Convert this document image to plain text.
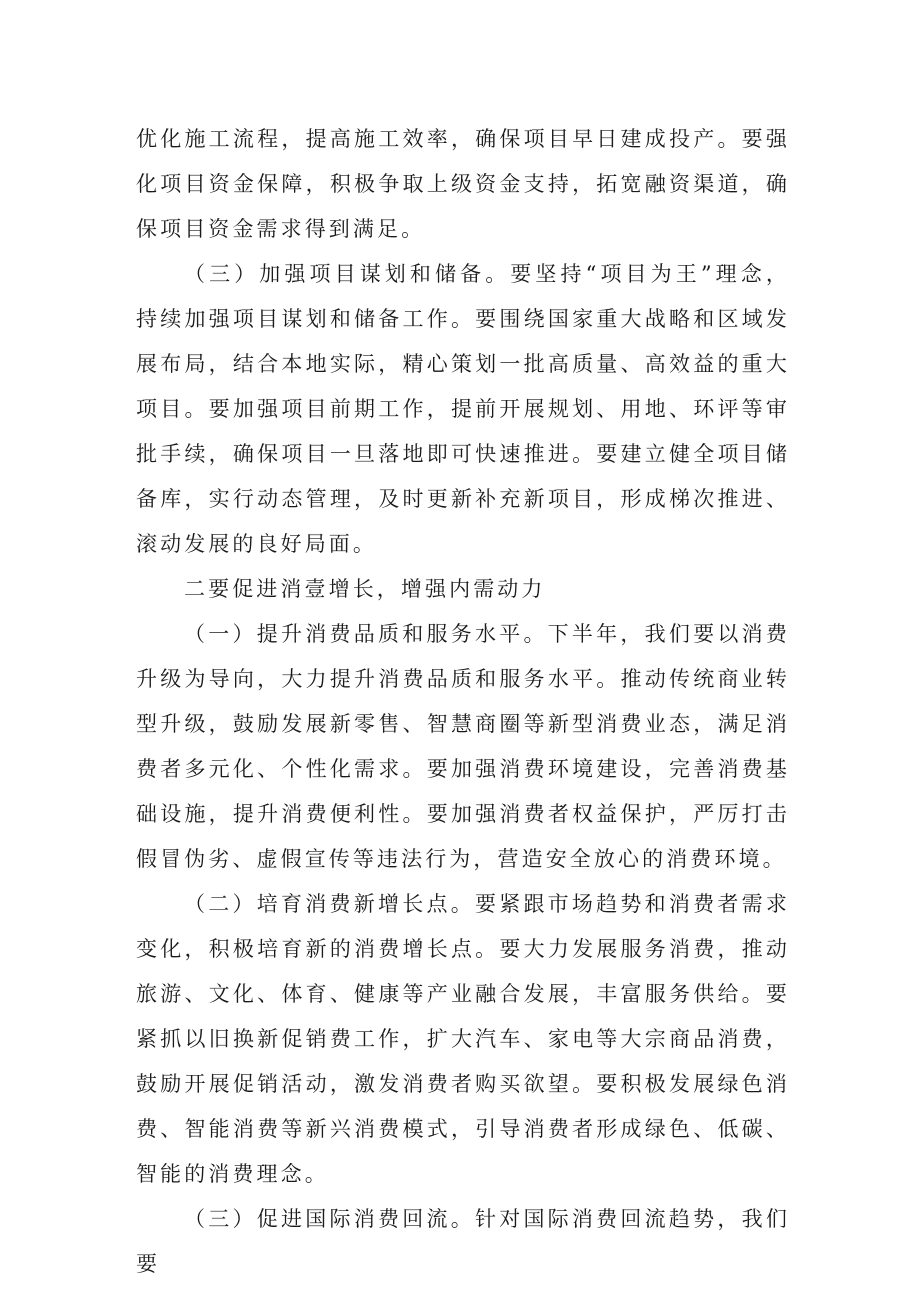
优化施工流程，提高施工效率，确保项目早日建成投产。要强化项目资金保障，积极争取上级资金支持，拓宽融资渠道，确保项目资金需求得到满足。

（三）加强项目谋划和储备。要坚持“项目为王”理念，持续加强项目谋划和储备工作。要围绕国家重大战略和区域发展布局，结合本地实际，精心策划一批高质量、高效益的重大项目。要加强项目前期工作，提前开展规划、用地、环评等审批手续，确保项目一旦落地即可快速推进。要建立健全项目储备库，实行动态管理，及时更新补充新项目，形成梯次推进、滚动发展的良好局面。

二要促进消壹增长，增强内需动力

（一）提升消费品质和服务水平。下半年，我们要以消费升级为导向，大力提升消费品质和服务水平。推动传统商业转型升级，鼓励发展新零售、智慧商圈等新型消费业态，满足消费者多元化、个性化需求。要加强消费环境建设，完善消费基础设施，提升消费便利性。要加强消费者权益保护，严厉打击假冒伪劣、虚假宣传等违法行为，营造安全放心的消费环境。

（二）培育消费新增长点。要紧跟市场趋势和消费者需求变化，积极培育新的消费增长点。要大力发展服务消费，推动旅游、文化、体育、健康等产业融合发展，丰富服务供给。要紧抓以旧换新促销费工作，扩大汽车、家电等大宗商品消费，鼓励开展促销活动，激发消费者购买欲望。要积极发展绿色消费、智能消费等新兴消费模式，引导消费者形成绿色、低碳、智能的消费理念。

（三）促进国际消费回流。针对国际消费回流趋势，我们要
